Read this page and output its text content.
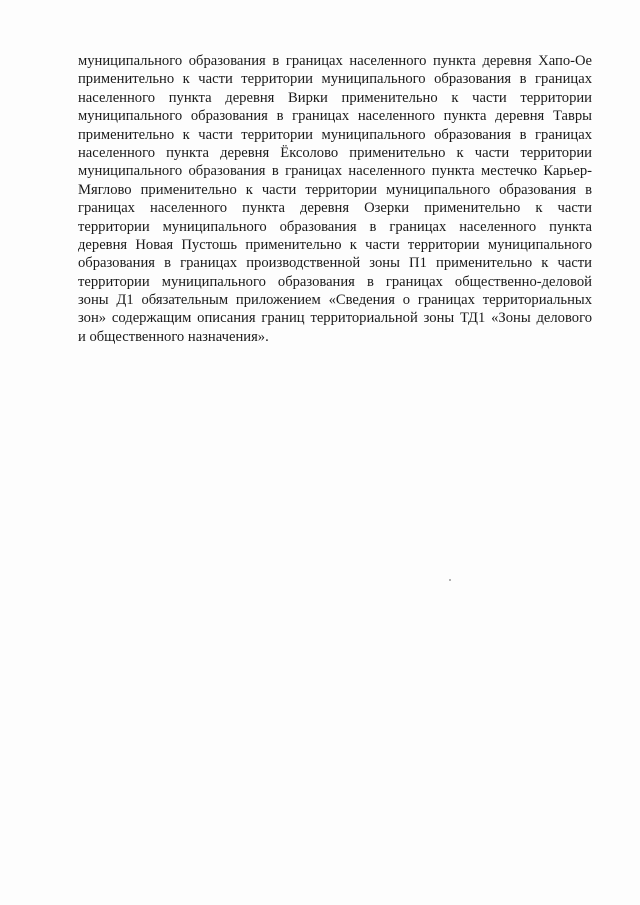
муниципального образования в границах населенного пункта деревня Хапо-Ое
применительно к части территории муниципального образования в границах
населенного пункта деревня Вирки применительно к части территории
муниципального образования в границах населенного пункта деревня Тавры
применительно к части территории муниципального образования в границах
населенного пункта деревня Ёксолово применительно к части территории
муниципального образования в границах населенного пункта местечко Карьер-
Мяглово применительно к части территории муниципального образования в
границах населенного пункта деревня Озерки применительно к части
территории муниципального образования в границах населенного пункта
деревня Новая Пустошь применительно к части территории муниципального
образования в границах производственной зоны П1 применительно к части
территории муниципального образования в границах общественно-деловой
зоны Д1 обязательным приложением «Сведения о границах территориальных
зон» содержащим описания границ территориальной зоны ТД1 «Зоны делового
и общественного назначения».
